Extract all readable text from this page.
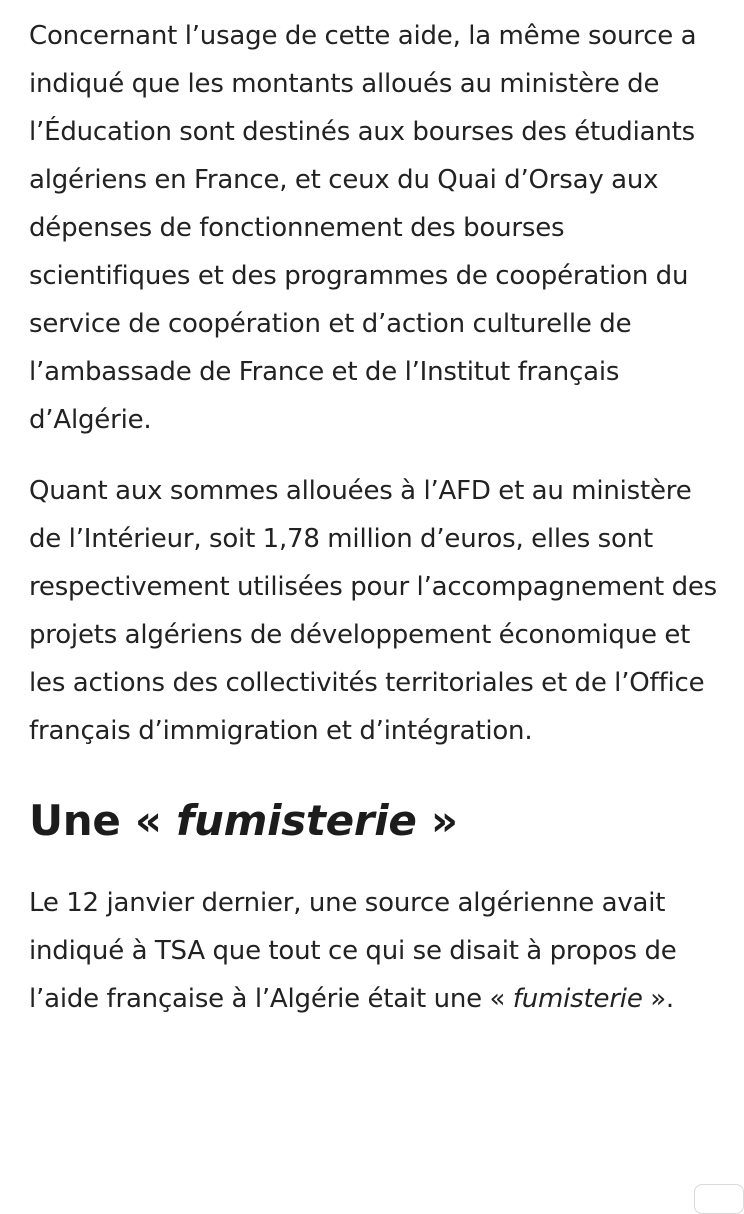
Concernant l’usage de cette aide, la même source a indiqué que les montants alloués au ministère de l’Éducation sont destinés aux bourses des étudiants algériens en France, et ceux du Quai d’Orsay aux dépenses de fonctionnement des bourses scientifiques et des programmes de coopération du service de coopération et d’action culturelle de l’ambassade de France et de l’Institut français d’Algérie.

Quant aux sommes allouées à l’AFD et au ministère de l’Intérieur, soit 1,78 million d’euros, elles sont respectivement utilisées pour l’accompagnement des projets algériens de développement économique et les actions des collectivités territoriales et de l’Office français d’immigration et d’intégration.

Une « fumisterie »

Le 12 janvier dernier, une source algérienne avait indiqué à TSA que tout ce qui se disait à propos de l’aide française à l’Algérie était une « fumisterie ».
